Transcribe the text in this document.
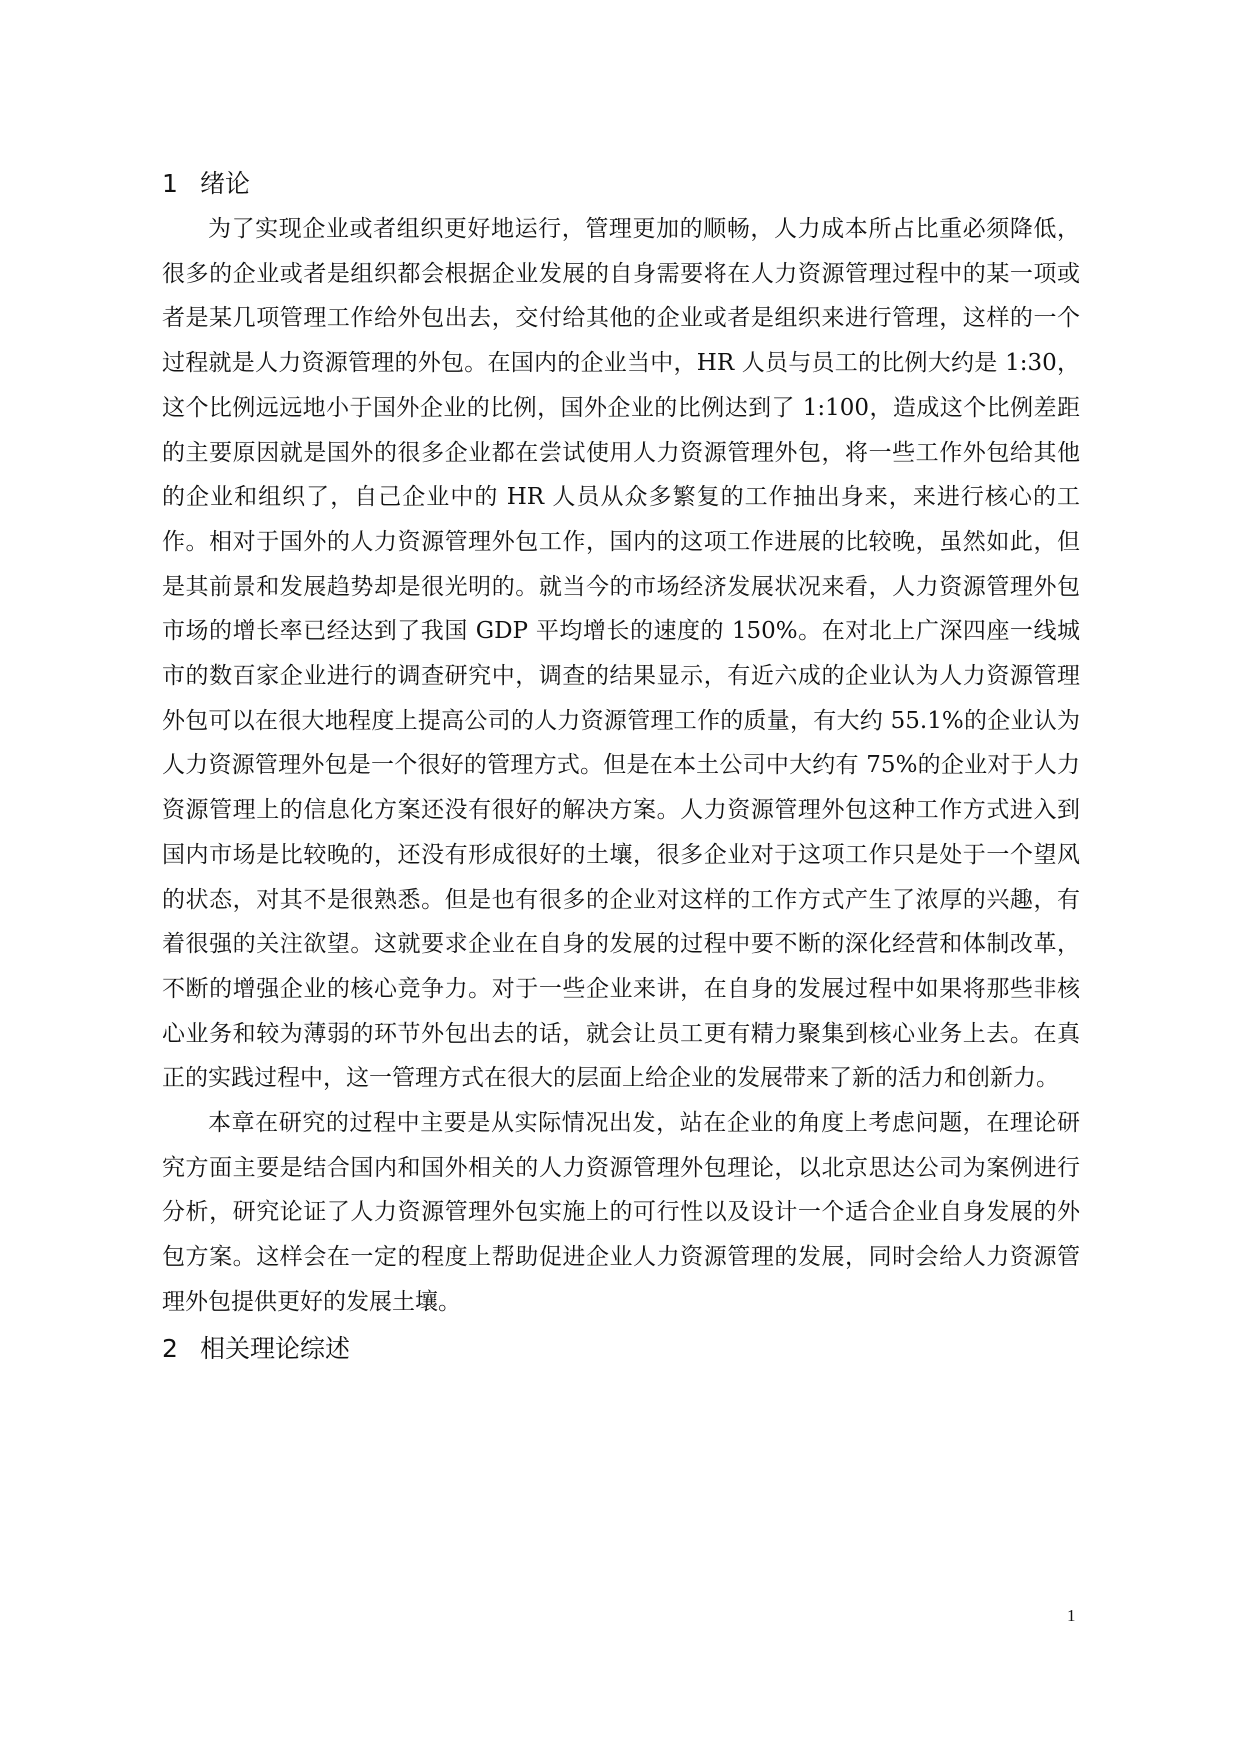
1 绪论

为了实现企业或者组织更好地运行，管理更加的顺畅，人力成本所占比重必须降低，很多的企业或者是组织都会根据企业发展的自身需要将在人力资源管理过程中的某一项或者是某几项管理工作给外包出去，交付给其他的企业或者是组织来进行管理，这样的一个过程就是人力资源管理的外包。在国内的企业当中，HR 人员与员工的比例大约是 1:30，这个比例远远地小于国外企业的比例，国外企业的比例达到了 1:100，造成这个比例差距的主要原因就是国外的很多企业都在尝试使用人力资源管理外包，将一些工作外包给其他的企业和组织了，自己企业中的 HR 人员从众多繁复的工作抽出身来，来进行核心的工作。相对于国外的人力资源管理外包工作，国内的这项工作进展的比较晚，虽然如此，但是其前景和发展趋势却是很光明的。就当今的市场经济发展状况来看，人力资源管理外包市场的增长率已经达到了我国 GDP 平均增长的速度的 150%。在对北上广深四座一线城市的数百家企业进行的调查研究中，调查的结果显示，有近六成的企业认为人力资源管理外包可以在很大地程度上提高公司的人力资源管理工作的质量，有大约 55.1%的企业认为人力资源管理外包是一个很好的管理方式。但是在本土公司中大约有 75%的企业对于人力资源管理上的信息化方案还没有很好的解决方案。人力资源管理外包这种工作方式进入到国内市场是比较晚的，还没有形成很好的土壤，很多企业对于这项工作只是处于一个望风的状态，对其不是很熟悉。但是也有很多的企业对这样的工作方式产生了浓厚的兴趣，有着很强的关注欲望。这就要求企业在自身的发展的过程中要不断的深化经营和体制改革，不断的增强企业的核心竞争力。对于一些企业来讲，在自身的发展过程中如果将那些非核心业务和较为薄弱的环节外包出去的话，就会让员工更有精力聚集到核心业务上去。在真正的实践过程中，这一管理方式在很大的层面上给企业的发展带来了新的活力和创新力。

本章在研究的过程中主要是从实际情况出发，站在企业的角度上考虑问题，在理论研究方面主要是结合国内和国外相关的人力资源管理外包理论，以北京思达公司为案例进行分析，研究论证了人力资源管理外包实施上的可行性以及设计一个适合企业自身发展的外包方案。这样会在一定的程度上帮助促进企业人力资源管理的发展，同时会给人力资源管理外包提供更好的发展土壤。

2 相关理论综述
1
